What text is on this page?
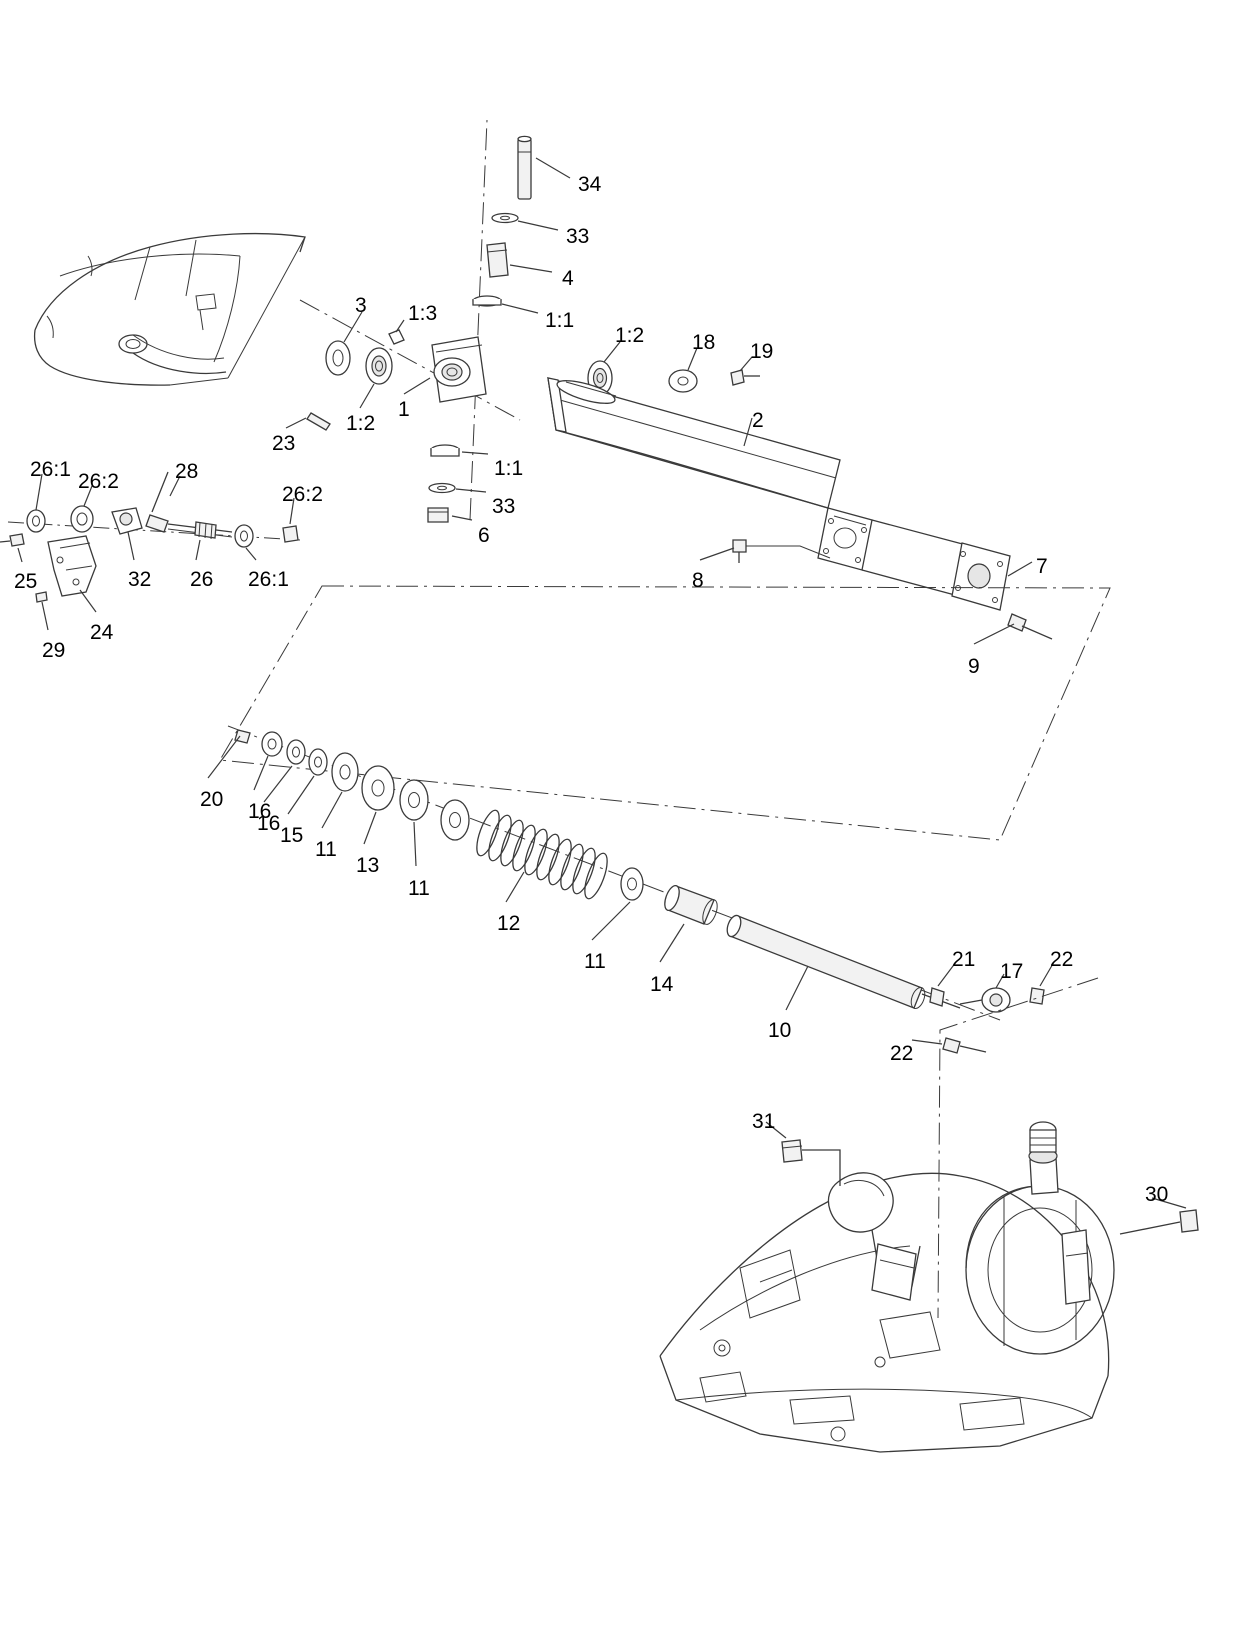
34
33
4
1:1
3 1:3
1:2 18 19
1:2
1
23
2
1:1
33
6
26:1
26:2	28
26:2
25	32 26 26:1
29
24
8
7
9
20
16
16
15
11
13
11
12
11
14
10
21
17
22
22
31
30
